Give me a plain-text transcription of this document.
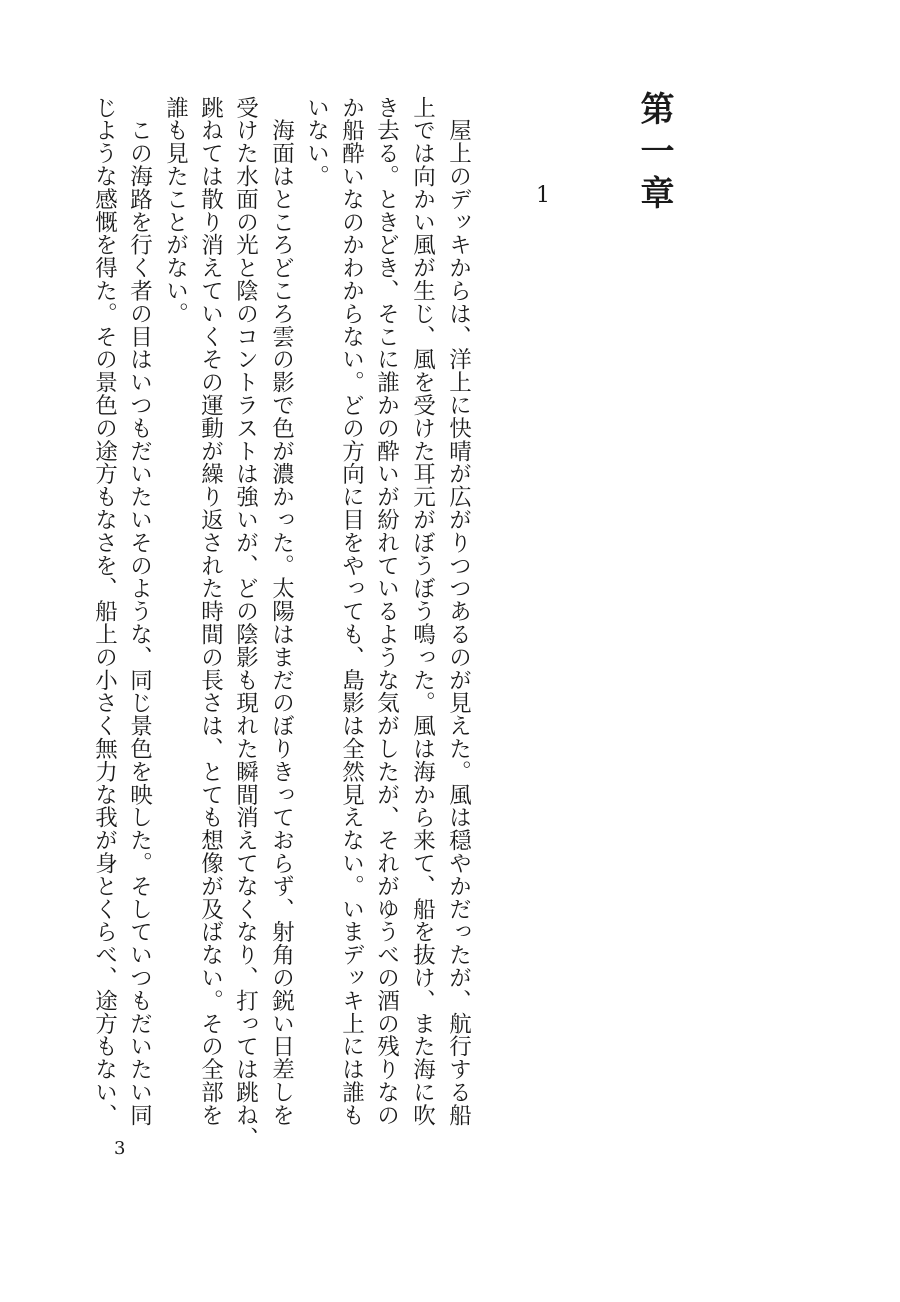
第一章
1
　屋上のデッキからは、洋上に快晴が広がりつつあるのが見えた。風は穏やかだったが、航行する船
上では向かい風が生じ、風を受けた耳元がぼうぼう鳴った。風は海から来て、船を抜け、また海に吹
き去る。ときどき、そこに誰かの酔いが紛れているような気がしたが、それがゆうべの酒の残りなの
か船酔いなのかわからない。どの方向に目をやっても、島影は全然見えない。いまデッキ上には誰も
いない。
　海面はところどころ雲の影で色が濃かった。太陽はまだのぼりきっておらず、射角の鋭い日差しを
受けた水面の光と陰のコントラストは強いが、どの陰影も現れた瞬間消えてなくなり、打っては跳ね、
跳ねては散り消えていくその運動が繰り返された時間の長さは、とても想像が及ばない。その全部を
誰も見たことがない。
　この海路を行く者の目はいつもだいたいそのような、同じ景色を映した。そしていつもだいたい同
じような感慨を得た。その景色の途方もなさを、船上の小さく無力な我が身とくらべ、途方もない、
3
